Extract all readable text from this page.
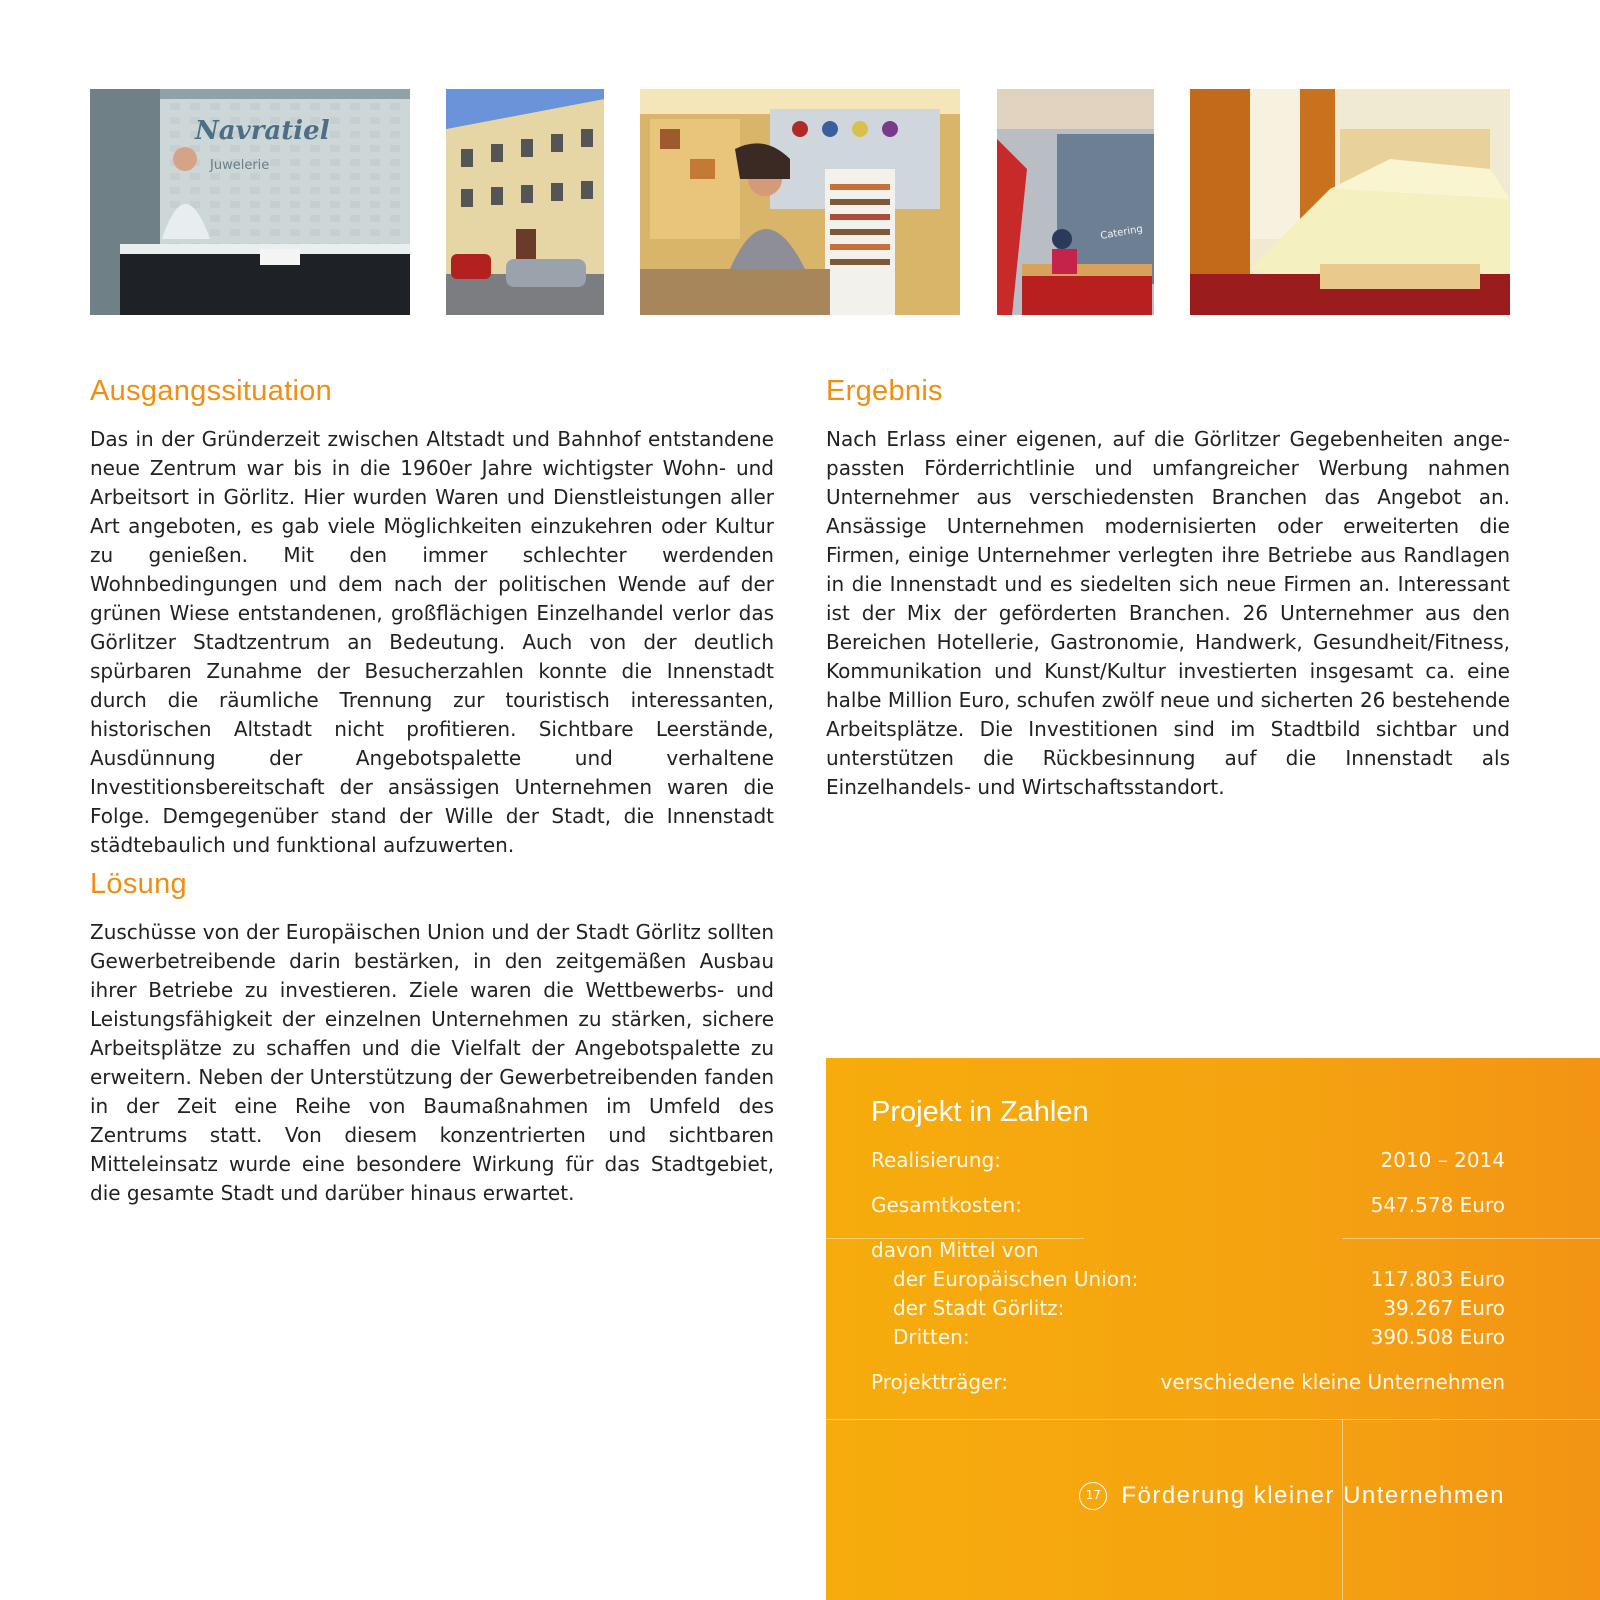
Navratiel
Juwelerie
Catering
Ausgangssituation
Das in der Gründerzeit zwischen Altstadt und Bahnhof entstandene neue Zentrum war bis in die 1960er Jahre wichtigster Wohn- und Arbeitsort in Görlitz. Hier wurden Waren und Dienstleistungen aller Art angeboten, es gab viele Möglichkeiten einzukehren oder Kultur zu genießen. Mit den immer schlechter werdenden Wohnbedingungen und dem nach der politischen Wende auf der grünen Wiese entstandenen, großflächigen Einzelhandel verlor das Görlitzer Stadtzentrum an Bedeutung. Auch von der deutlich spürbaren Zunahme der Besucherzahlen konnte die Innenstadt durch die räumliche Trennung zur touristisch interessanten, historischen Altstadt nicht profitieren. Sichtbare Leerstände, Ausdünnung der Angebotspalette und verhaltene Investitionsbereitschaft der ansässigen Unternehmen waren die Folge. Demgegenüber stand der Wille der Stadt, die Innenstadt städtebaulich und funktional aufzuwerten.
Lösung
Zuschüsse von der Europäischen Union und der Stadt Görlitz sollten Gewerbetreibende darin bestärken, in den zeitgemäßen Ausbau ihrer Betriebe zu investieren. Ziele waren die Wettbewerbs- und Leistungsfähigkeit der einzelnen Unternehmen zu stärken, sichere Arbeitsplätze zu schaffen und die Vielfalt der Angebotspalette zu erweitern. Neben der Unterstützung der Gewerbetreibenden fanden in der Zeit eine Reihe von Baumaßnahmen im Umfeld des Zentrums statt. Von diesem konzentrierten und sichtbaren Mitteleinsatz wurde eine besondere Wirkung für das Stadtgebiet, die gesamte Stadt und darüber hinaus erwartet.
Ergebnis
Nach Erlass einer eigenen, auf die Görlitzer Gegebenheiten angepassten Förderrichtlinie und umfangreicher Werbung nahmen Unternehmer aus verschiedensten Branchen das Angebot an. Ansässige Unternehmen modernisierten oder erweiterten die Firmen, einige Unternehmer verlegten ihre Betriebe aus Randlagen in die Innenstadt und es siedelten sich neue Firmen an. Interessant ist der Mix der geförderten Branchen. 26 Unternehmer aus den Bereichen Hotellerie, Gastronomie, Handwerk, Gesundheit/Fitness, Kommunikation und Kunst/Kultur investierten insgesamt ca. eine halbe Million Euro, schufen zwölf neue und sicherten 26 bestehende Arbeitsplätze. Die Investitionen sind im Stadtbild sichtbar und unterstützen die Rückbesinnung auf die Innenstadt als Einzelhandels- und Wirtschaftsstandort.
Projekt in Zahlen
Realisierung:	2010 – 2014
Gesamtkosten:	547.578 Euro
davon Mittel von
der Europäischen Union:	117.803 Euro
der Stadt Görlitz:	39.267 Euro
Dritten:	390.508 Euro
Projektträger:	verschiedene kleine Unternehmen
17 Förderung kleiner Unternehmen
